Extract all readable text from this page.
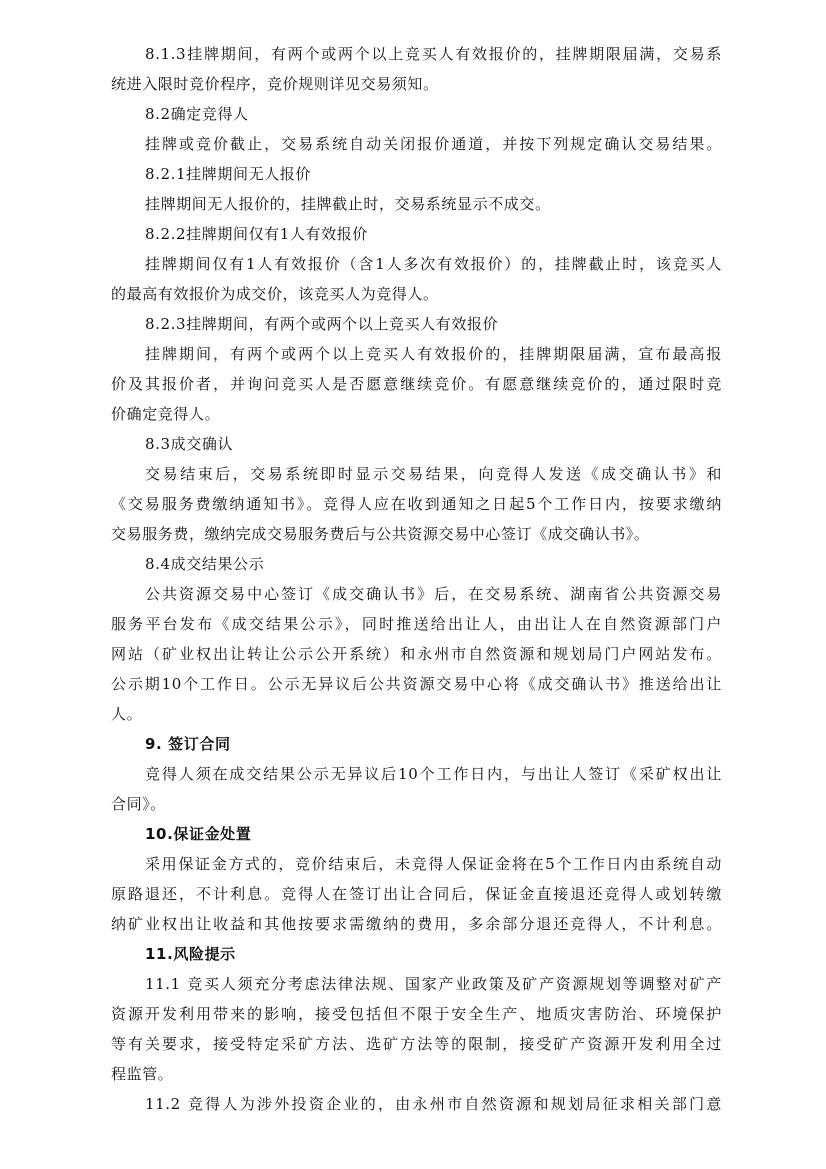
8.1.3挂牌期间，有两个或两个以上竞买人有效报价的，挂牌期限届满，交易系
统进入限时竞价程序，竞价规则详见交易须知。
8.2确定竞得人
挂牌或竞价截止，交易系统自动关闭报价通道，并按下列规定确认交易结果。
8.2.1挂牌期间无人报价
挂牌期间无人报价的，挂牌截止时，交易系统显示不成交。
8.2.2挂牌期间仅有1人有效报价
挂牌期间仅有1人有效报价（含1人多次有效报价）的，挂牌截止时，该竞买人
的最高有效报价为成交价，该竞买人为竞得人。
8.2.3挂牌期间，有两个或两个以上竞买人有效报价
挂牌期间，有两个或两个以上竞买人有效报价的，挂牌期限届满，宣布最高报
价及其报价者，并询问竞买人是否愿意继续竞价。有愿意继续竞价的，通过限时竞
价确定竞得人。
8.3成交确认
交易结束后，交易系统即时显示交易结果，向竞得人发送《成交确认书》和
《交易服务费缴纳通知书》。竞得人应在收到通知之日起5个工作日内，按要求缴纳
交易服务费，缴纳完成交易服务费后与公共资源交易中心签订《成交确认书》。
8.4成交结果公示
公共资源交易中心签订《成交确认书》后，在交易系统、湖南省公共资源交易
服务平台发布《成交结果公示》，同时推送给出让人，由出让人在自然资源部门户
网站（矿业权出让转让公示公开系统）和永州市自然资源和规划局门户网站发布。
公示期10个工作日。公示无异议后公共资源交易中心将《成交确认书》推送给出让
人。
9. 签订合同
竞得人须在成交结果公示无异议后10个工作日内，与出让人签订《采矿权出让
合同》。
10.保证金处置
采用保证金方式的，竞价结束后，未竞得人保证金将在5个工作日内由系统自动
原路退还，不计利息。竞得人在签订出让合同后，保证金直接退还竞得人或划转缴
纳矿业权出让收益和其他按要求需缴纳的费用，多余部分退还竞得人，不计利息。
11.风险提示
11.1 竞买人须充分考虑法律法规、国家产业政策及矿产资源规划等调整对矿产
资源开发利用带来的影响，接受包括但不限于安全生产、地质灾害防治、环境保护
等有关要求，接受特定采矿方法、选矿方法等的限制，接受矿产资源开发利用全过
程监管。
11.2 竞得人为涉外投资企业的，由永州市自然资源和规划局征求相关部门意
